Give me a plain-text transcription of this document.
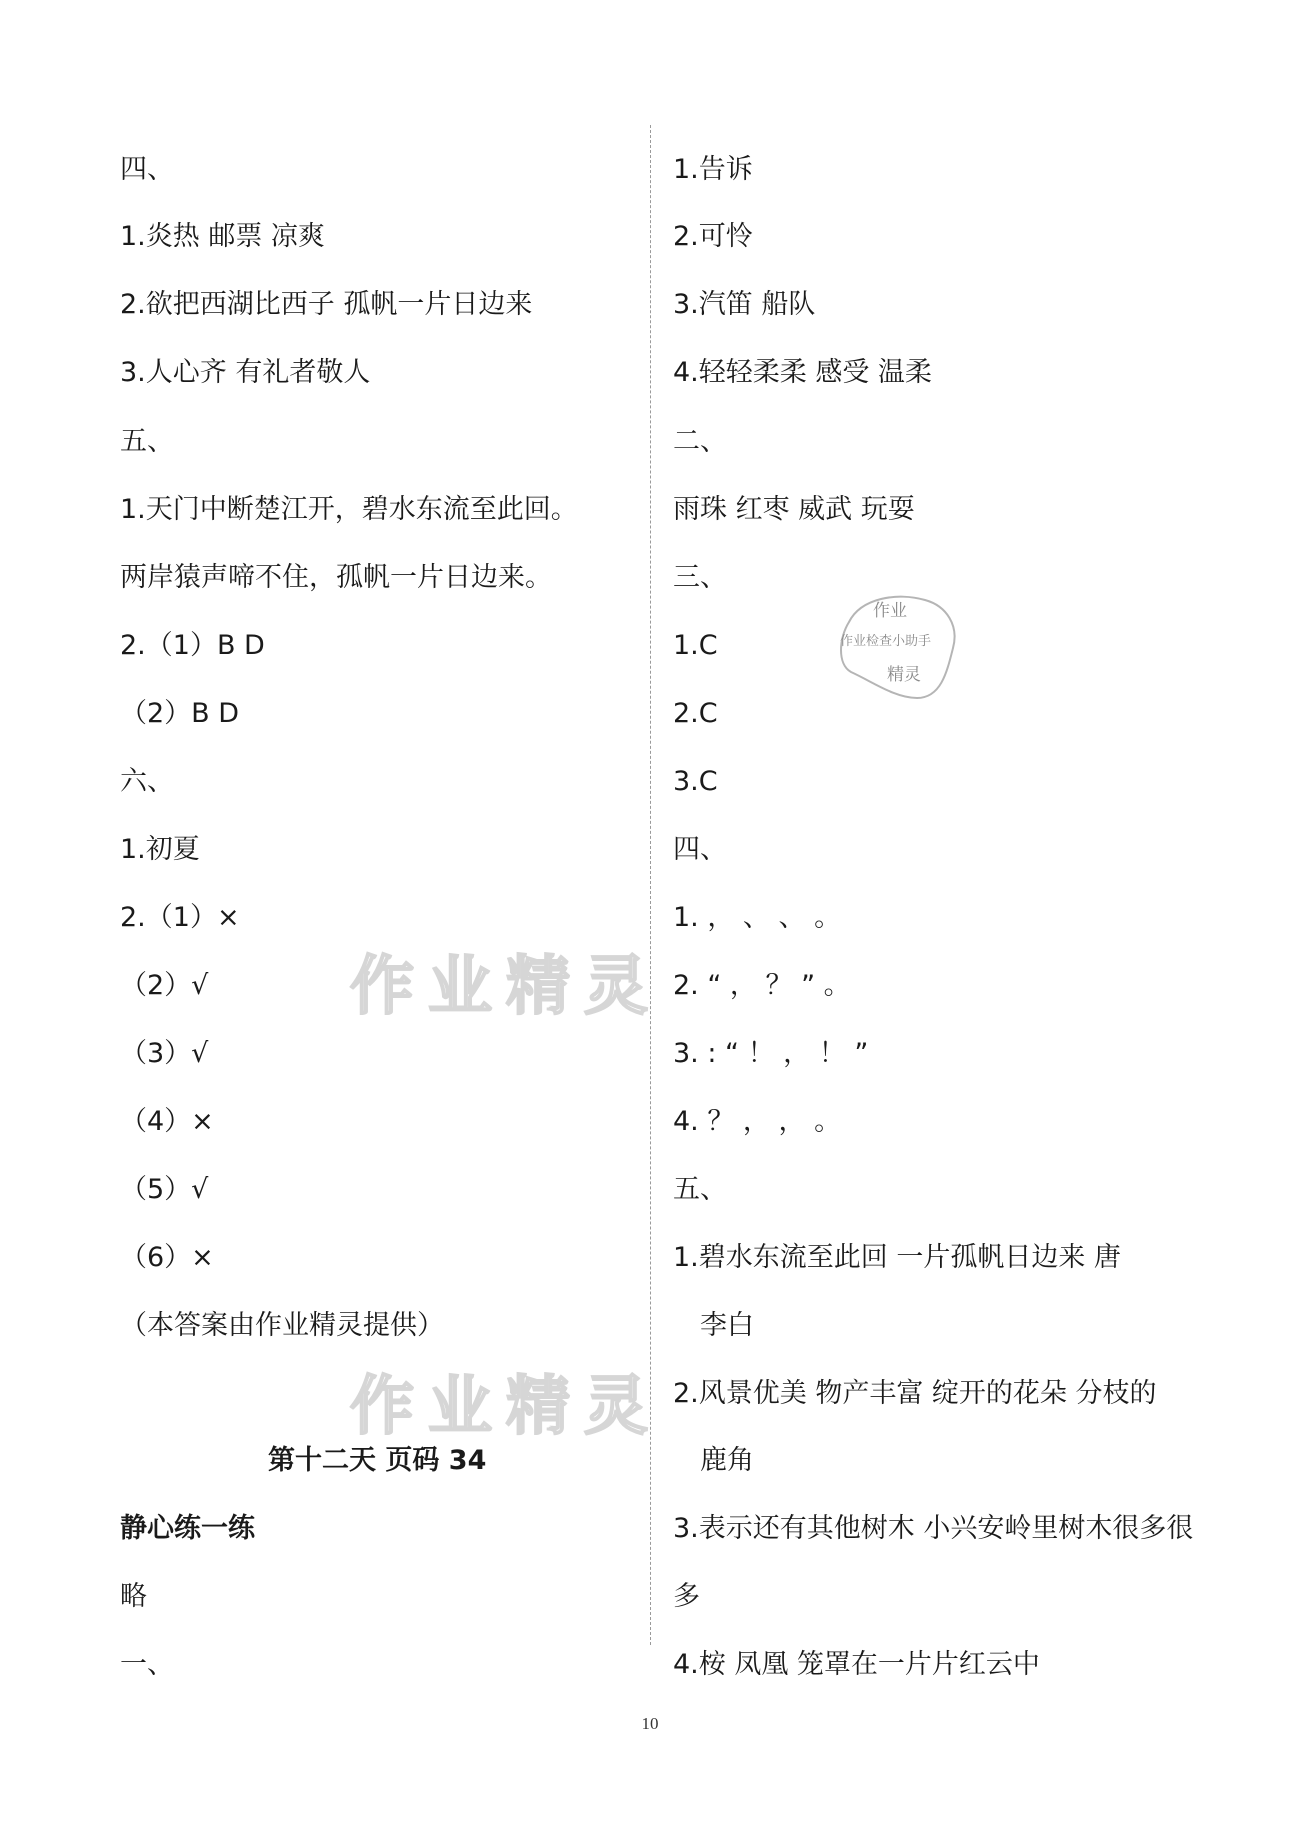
四、
1.炎热 邮票 凉爽
2.欲把西湖比西子 孤帆一片日边来
3.人心齐 有礼者敬人
五、
1.天门中断楚江开，碧水东流至此回。
两岸猿声啼不住，孤帆一片日边来。
2.（1）B D
（2）B D
六、
1.初夏
2.（1）×
（2）√
（3）√
（4）×
（5）√
（6）×
（本答案由作业精灵提供）
第十二天 页码 34
静心练一练
略
一、
1.告诉
2.可怜
3.汽笛 船队
4.轻轻柔柔 感受 温柔
二、
雨珠 红枣 威武 玩耍
三、
1.C
2.C
3.C
四、
1. ， 、 、 。
2. “ ， ？ ” 。
3. : “ ！ ， ！ ”
4. ？ ， ， 。
五、
1.碧水东流至此回 一片孤帆日边来 唐
李白
2.风景优美 物产丰富 绽开的花朵 分枝的
鹿角
3.表示还有其他树木 小兴安岭里树木很多很
多
4.桉 凤凰 笼罩在一片片红云中
作业精灵
作业精灵
作业
作业检查小助手
精灵
10
